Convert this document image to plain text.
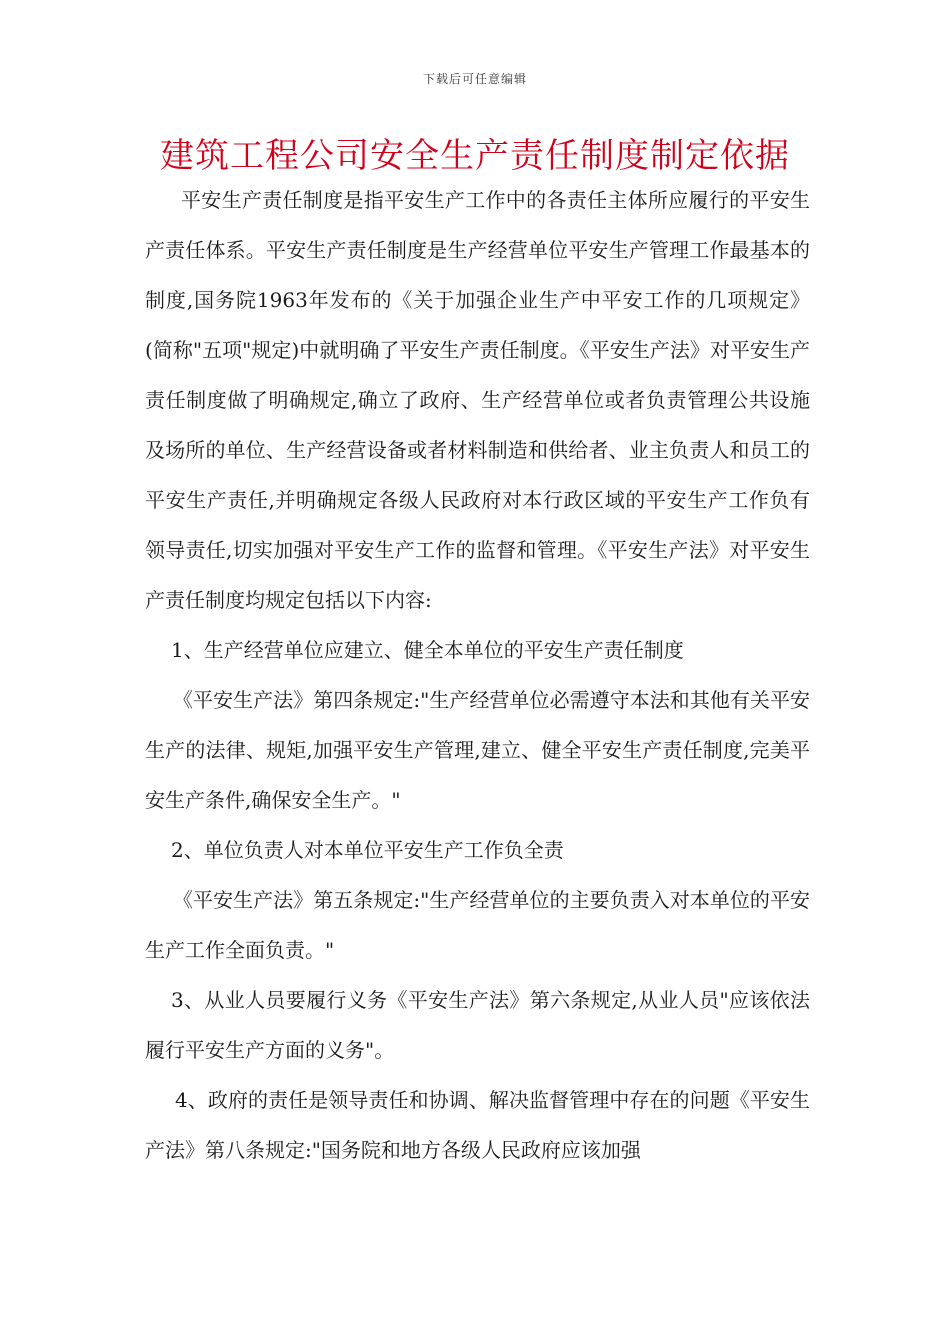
下载后可任意编辑
建筑工程公司安全生产责任制度制定依据

平安生产责任制度是指平安生产工作中的各责任主体所应履行的平安生产责任体系。平安生产责任制度是生产经营单位平安生产管理工作最基本的制度,国务院1963年发布的《关于加强企业生产中平安工作的几项规定》(简称"五项"规定)中就明确了平安生产责任制度。《平安生产法》对平安生产责任制度做了明确规定,确立了政府、生产经营单位或者负责管理公共设施及场所的单位、生产经营设备或者材料制造和供给者、业主负责人和员工的平安生产责任,并明确规定各级人民政府对本行政区域的平安生产工作负有领导责任,切实加强对平安生产工作的监督和管理。《平安生产法》对平安生产责任制度均规定包括以下内容:

1、生产经营单位应建立、健全本单位的平安生产责任制度

《平安生产法》第四条规定:"生产经营单位必需遵守本法和其他有关平安生产的法律、规矩,加强平安生产管理,建立、健全平安生产责任制度,完美平安生产条件,确保安全生产。"

2、单位负责人对本单位平安生产工作负全责

《平安生产法》第五条规定:"生产经营单位的主要负责入对本单位的平安生产工作全面负责。"

3、从业人员要履行义务《平安生产法》第六条规定,从业人员"应该依法履行平安生产方面的义务"。

4、政府的责任是领导责任和协调、解决监督管理中存在的问题《平安生产法》第八条规定:"国务院和地方各级人民政府应该加强
